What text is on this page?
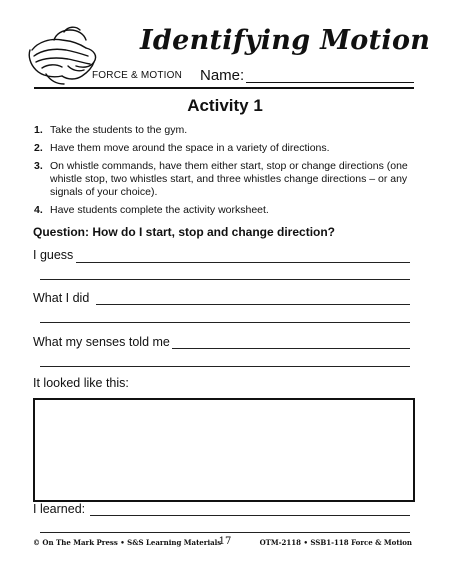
Identifying Motion
FORCE & MOTION Name:
Activity 1
1. Take the students to the gym.
2. Have them move around the space in a variety of directions.
3. On whistle commands, have them either start, stop or change directions (one whistle stop, two whistles start, and three whistles change directions – or any signals of your choice).
4. Have students complete the activity worksheet.
Question: How do I start, stop and change direction?
I guess
What I did
What my senses told me
It looked like this:
I learned:
© On The Mark Press • S&S Learning Materials
17	OTM-2118 • SSB1-118 Force & Motion
